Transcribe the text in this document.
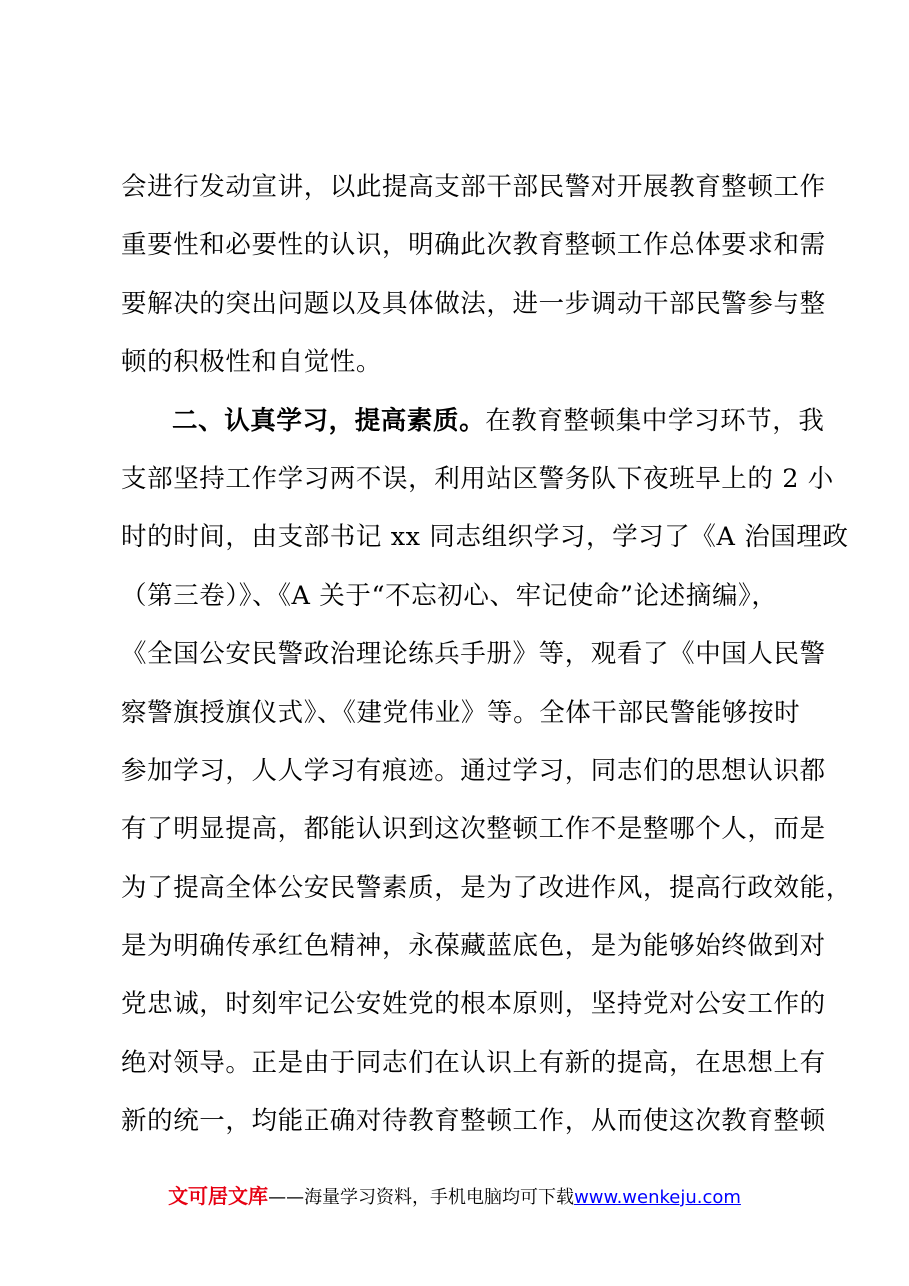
会进行发动宣讲，以此提高支部干部民警对开展教育整顿工作
重要性和必要性的认识，明确此次教育整顿工作总体要求和需
要解决的突出问题以及具体做法，进一步调动干部民警参与整
顿的积极性和自觉性。
二、认真学习，提高素质。在教育整顿集中学习环节，我
支部坚持工作学习两不误，利用站区警务队下夜班早上的 2 小
时的时间，由支部书记 xx 同志组织学习，学习了《A 治国理政
（第三卷）》、《A 关于“不忘初心、牢记使命”论述摘编》，
《全国公安民警政治理论练兵手册》等，观看了《中国人民警
察警旗授旗仪式》、《建党伟业》等。全体干部民警能够按时
参加学习，人人学习有痕迹。通过学习，同志们的思想认识都
有了明显提高，都能认识到这次整顿工作不是整哪个人，而是
为了提高全体公安民警素质，是为了改进作风，提高行政效能，
是为明确传承红色精神，永葆藏蓝底色，是为能够始终做到对
党忠诚，时刻牢记公安姓党的根本原则，坚持党对公安工作的
绝对领导。正是由于同志们在认识上有新的提高，在思想上有
新的统一，均能正确对待教育整顿工作，从而使这次教育整顿
文可居文库——海量学习资料，手机电脑均可下载www.wenkeju.com
